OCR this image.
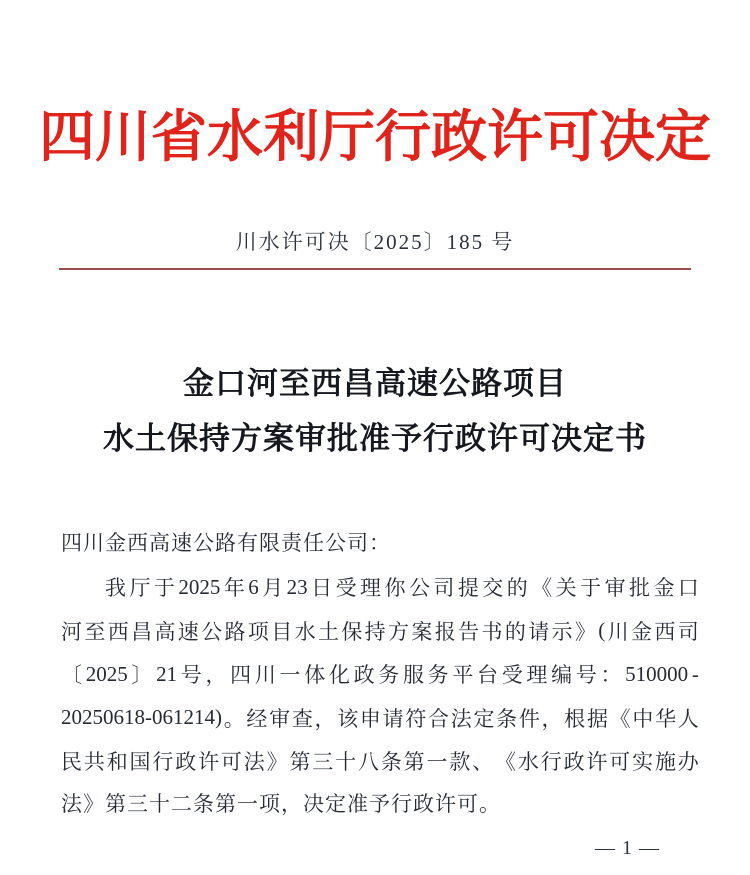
四川省水利厅行政许可决定
川水许可决〔2025〕185 号
金口河至西昌高速公路项目
水土保持方案审批准予行政许可决定书
四川金西高速公路有限责任公司：
我 厅 于 2025 年 6 月 23 日 受 理 你 公 司 提 交 的 《 关 于 审 批 金 口
河 至 西 昌 高 速 公 路 项 目 水 土 保 持 方 案 报 告 书 的 请 示 》 ( 川 金 西 司
〔 2025 〕 21 号 ， 四 川 一 体 化 政 务 服 务 平 台 受 理 编 号 ： 510000 -
20250618-061214) 。 经 审 查 ， 该 申 请 符 合 法 定 条 件 ， 根 据 《 中 华 人
民 共 和 国 行 政 许 可 法 》 第 三 十 八 条 第 一 款 、 《 水 行 政 许 可 实 施 办
法》第三十二条第一项，决定准予行政许可。
— 1 —
